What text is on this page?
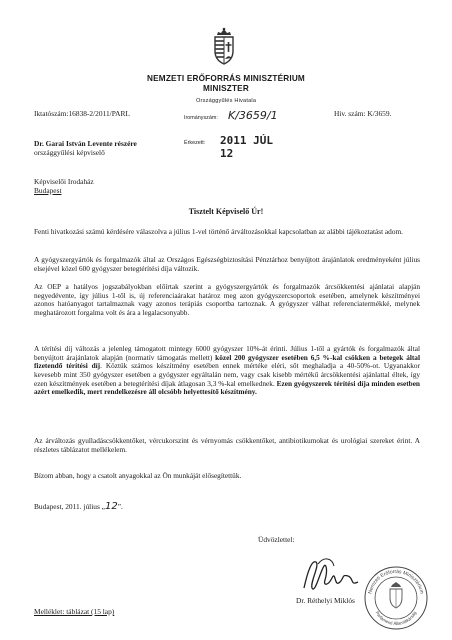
NEMZETI ERŐFORRÁS MINISZTÉRIUM
MINISZTER
Iktatószám:16838-2/2011/PARL	Hiv. szám: K/3659.
Országgyűlés Hivatala
Irományszám: K/3659/1
Érkezett: 2011 JÚL 12
Dr. Garai István Levente részére
országgyűlési képviselő
Képviselői Irodaház
Budapest
Tisztelt Képviselő Úr!
Fenti hivatkozási számú kérdésére válaszolva a július 1-vel történő árváltozásokkal kapcsolatban az alábbi tájékoztatást adom.
A gyógyszergyártók és forgalmazók által az Országos Egészségbiztosítási Pénztárhoz benyújtott árajánlatok eredményeként július elsejével közel 600 gyógyszer betegtérítési díja változik.
Az OEP a hatályos jogszabályokban előírtak szerint a gyógyszergyártók és forgalmazók árcsökkentési ajánlatai alapján negyedévente, így július 1-től is, új referenciaárakat határoz meg azon gyógyszercsoportok esetében, amelynek készítményei azonos hatóanyagot tartalmaznak vagy azonos terápiás csoportba tartoznak. A gyógyszer válhat referenciatermékké, melynek meghatározott forgalma volt és ára a legalacsonyabb.
A térítési díj változás a jelenleg támogatott mintegy 6000 gyógyszer 10%-át érinti. Július 1-től a gyártók és forgalmazók által benyújtott árajánlatok alapján (normatív támogatás mellett) közel 200 gyógyszer esetében 6,5 %-kal csökken a betegek által fizetendő térítési díj. Köztük számos készítmény esetében ennek mértéke eléri, sőt meghaladja a 40-50%-ot. Ugyanakkor kevesebb mint 350 gyógyszer esetében a gyógyszer egyáltalán nem, vagy csak kisebb mértékű árcsökkentési ajánlattal éltek, így ezen készítmények esetében a betegtérítési díjak átlagosan 3,3 %-kal emelkednek. Ezen gyógyszerek térítési díja minden esetben azért emelkedik, mert rendelkezésre áll olcsóbb helyettesítő készítmény.
Az árváltozás gyulladáscsökkentőket, vércukorszint és vérnyomás csökkentőket, antibiotikumokat és urológiai szereket érint. A részletes táblázatot mellékelem.
Bízom abban, hogy a csatolt anyagokkal az Ön munkáját elősegítettük.
Budapest, 2011. július „12”.
Üdvözlettel:
Nemzeti Erőforrás Minisztérium
Parlamenti Államtitkárság
Dr. Réthelyi Miklós
Melléklet: táblázat (15 lap)
